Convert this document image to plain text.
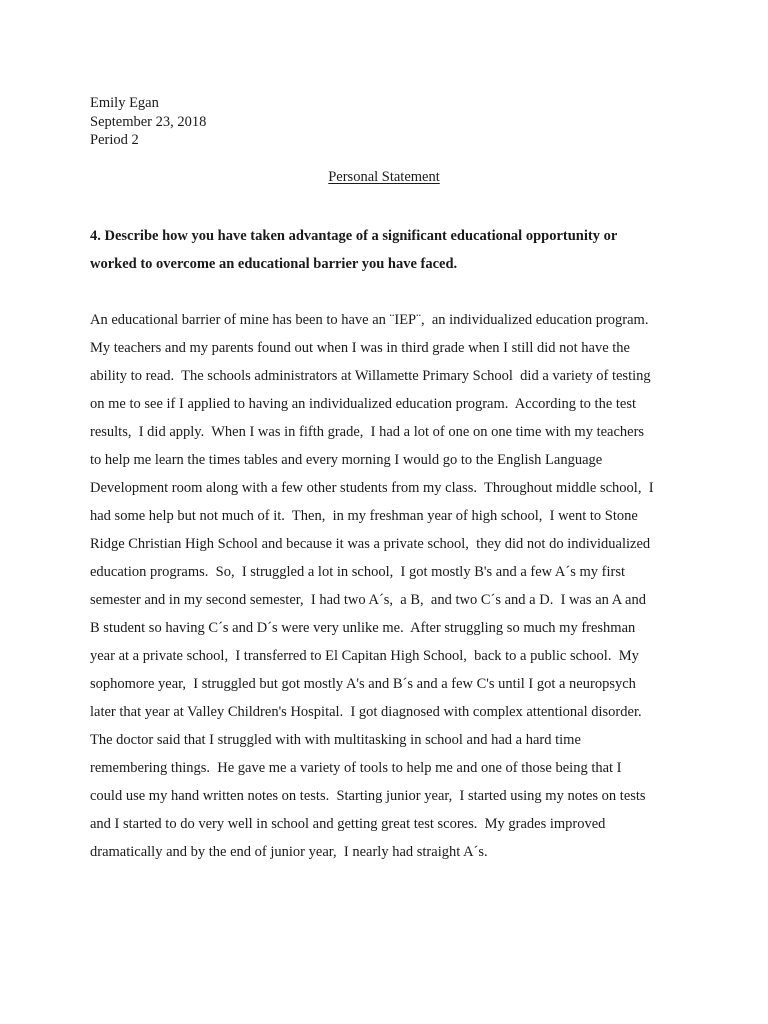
Emily Egan
September 23, 2018
Period 2
Personal Statement
4. Describe how you have taken advantage of a significant educational opportunity or
worked to overcome an educational barrier you have faced.
An educational barrier of mine has been to have an ¨IEP¨,  an individualized education program.
My teachers and my parents found out when I was in third grade when I still did not have the
ability to read.  The schools administrators at Willamette Primary School  did a variety of testing
on me to see if I applied to having an individualized education program.  According to the test
results,  I did apply.  When I was in fifth grade,  I had a lot of one on one time with my teachers
to help me learn the times tables and every morning I would go to the English Language
Development room along with a few other students from my class.  Throughout middle school,  I
had some help but not much of it.  Then,  in my freshman year of high school,  I went to Stone
Ridge Christian High School and because it was a private school,  they did not do individualized
education programs.  So,  I struggled a lot in school,  I got mostly B's and a few A´s my first
semester and in my second semester,  I had two A´s,  a B,  and two C´s and a D.  I was an A and
B student so having C´s and D´s were very unlike me.  After struggling so much my freshman
year at a private school,  I transferred to El Capitan High School,  back to a public school.  My
sophomore year,  I struggled but got mostly A's and B´s and a few C's until I got a neuropsych
later that year at Valley Children's Hospital.  I got diagnosed with complex attentional disorder.
The doctor said that I struggled with with multitasking in school and had a hard time
remembering things.  He gave me a variety of tools to help me and one of those being that I
could use my hand written notes on tests.  Starting junior year,  I started using my notes on tests
and I started to do very well in school and getting great test scores.  My grades improved
dramatically and by the end of junior year,  I nearly had straight A´s.
